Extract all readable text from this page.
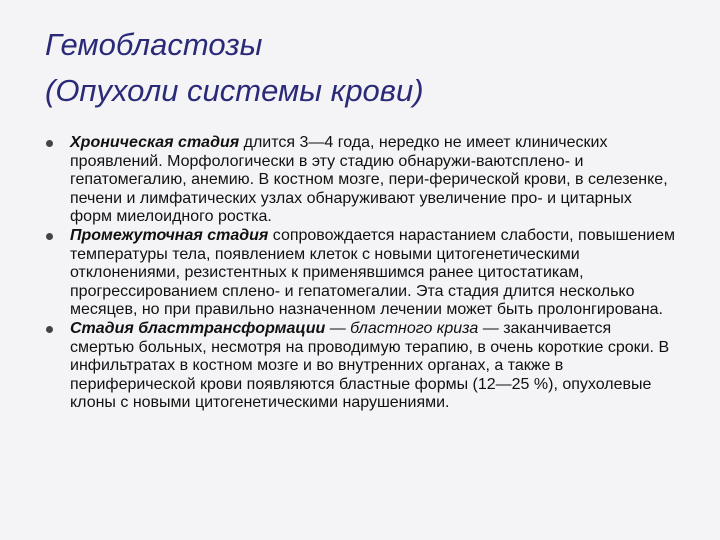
Гемобластозы
(Опухоли системы крови)
Хроническая стадия длится 3—4 года, нередко не имеет клинических проявлений. Морфологически в эту стадию обнаружи-ваютсплено- и гепатомегалию, анемию. В костном мозге, пери-ферической крови, в селезенке, печени и лимфатических узлах обнаруживают увеличение про- и цитарных форм миелоидного ростка.
Промежуточная стадия сопровождается нарастанием слабости, повышением температуры тела, появлением клеток с новыми цитогенетическими отклонениями, резистентных к применявшимся ранее цитостатикам, прогрессированием сплено- и гепатомегалии. Эта стадия длится несколько месяцев, но при правильно назначенном лечении может быть пролонгирована.
Стадия бласттрансформации — бластного криза — заканчивается смертью больных, несмотря на проводимую терапию, в очень короткие сроки. В инфильтратах в костном мозге и во внутренних органах, а также в периферической крови появляются бластные формы (12—25 %), опухолевые клоны с новыми цитогенетическими нарушениями.
